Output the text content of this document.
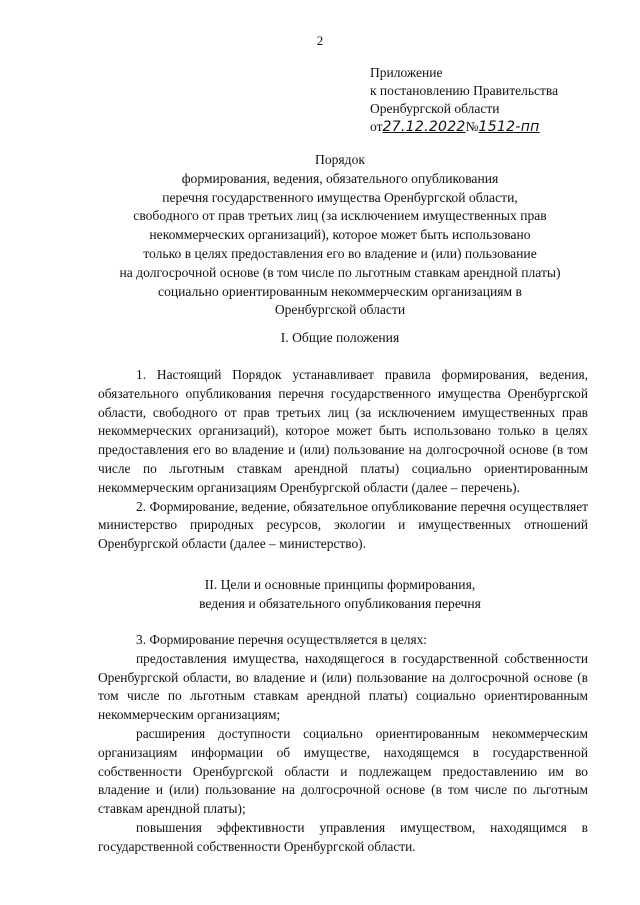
2
Приложение
к постановлению Правительства
Оренбургской области
от27.12.2022№1512-пп
Порядок
формирования, ведения, обязательного опубликования
перечня государственного имущества Оренбургской области,
свободного от прав третьих лиц (за исключением имущественных прав
некоммерческих организаций), которое может быть использовано
только в целях предоставления его во владение и (или) пользование
на долгосрочной основе (в том числе по льготным ставкам арендной платы)
социально ориентированным некоммерческим организациям в
Оренбургской области
I. Общие положения

1. Настоящий Порядок устанавливает правила формирования, ведения, обязательного опубликования перечня государственного имущества Оренбургской области, свободного от прав третьих лиц (за исключением имущественных прав некоммерческих организаций), которое может быть использовано только в целях предоставления его во владение и (или) пользование на долгосрочной основе (в том числе по льготным ставкам арендной платы) социально ориентированным некоммерческим организациям Оренбургской области (далее – перечень).

2. Формирование, ведение, обязательное опубликование перечня осуществляет министерство природных ресурсов, экологии и имущественных отношений Оренбургской области (далее – министерство).

II. Цели и основные принципы формирования,
ведения и обязательного опубликования перечня

3. Формирование перечня осуществляется в целях:

предоставления имущества, находящегося в государственной собственности Оренбургской области, во владение и (или) пользование на долгосрочной основе (в том числе по льготным ставкам арендной платы) социально ориентированным некоммерческим организациям;

расширения доступности социально ориентированным некоммерческим организациям информации об имуществе, находящемся в государственной собственности Оренбургской области и подлежащем предоставлению им во владение и (или) пользование на долгосрочной основе (в том числе по льготным ставкам арендной платы);

повышения эффективности управления имуществом, находящимся в государственной собственности Оренбургской области.
